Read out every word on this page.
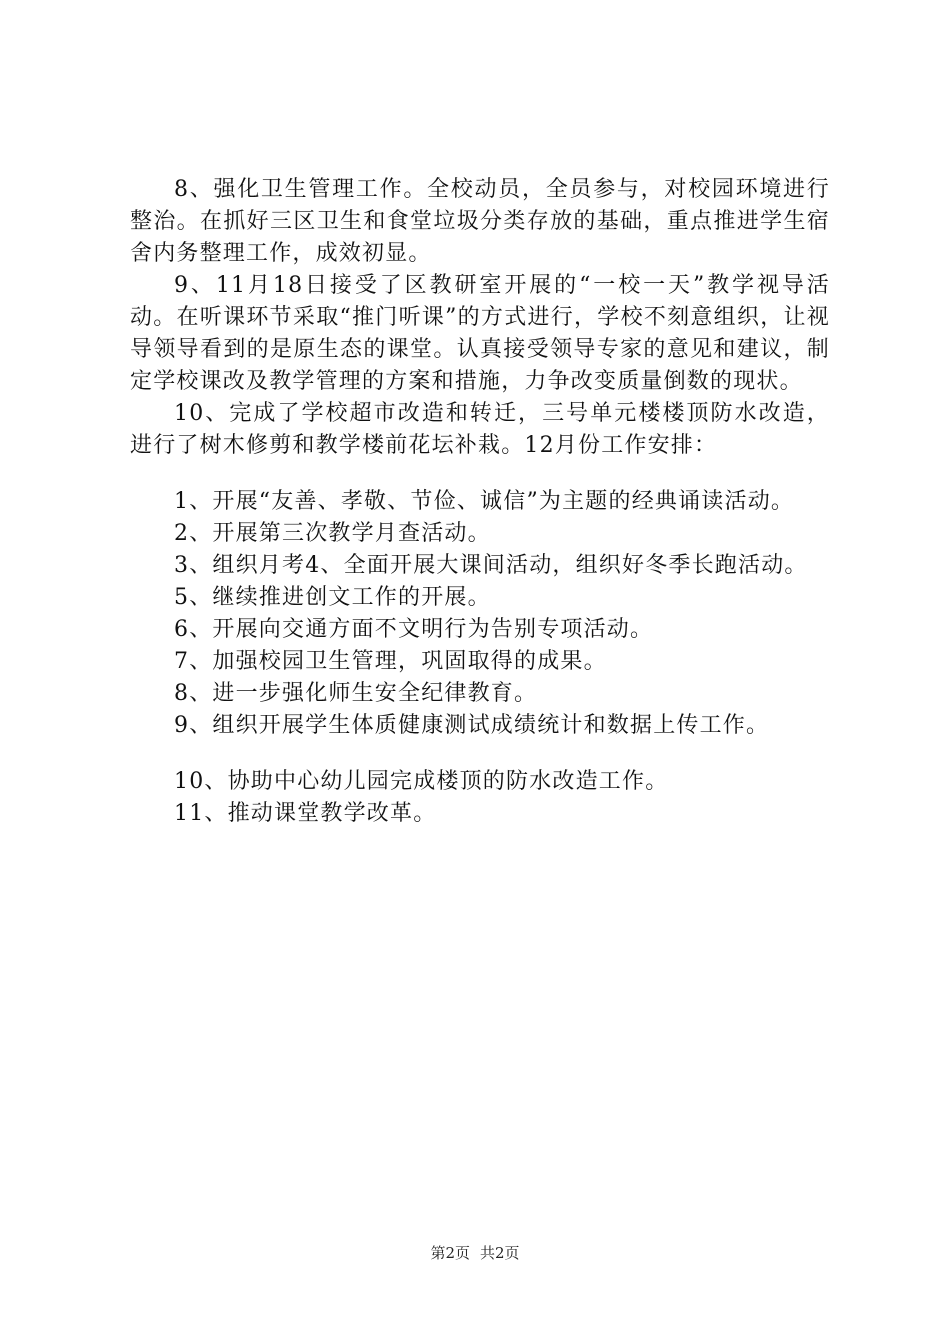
8、强化卫生管理工作。全校动员，全员参与，对校园环境进行整治。在抓好三区卫生和食堂垃圾分类存放的基础，重点推进学生宿舍内务整理工作，成效初显。

9、11月18日接受了区教研室开展的“一校一天”教学视导活动。在听课环节采取“推门听课”的方式进行，学校不刻意组织，让视导领导看到的是原生态的课堂。认真接受领导专家的意见和建议，制定学校课改及教学管理的方案和措施，力争改变质量倒数的现状。

10、完成了学校超市改造和转迁，三号单元楼楼顶防水改造，进行了树木修剪和教学楼前花坛补栽。12月份工作安排：

1、开展“友善、孝敬、节俭、诚信”为主题的经典诵读活动。

2、开展第三次教学月查活动。

3、组织月考4、全面开展大课间活动，组织好冬季长跑活动。

5、继续推进创文工作的开展。

6、开展向交通方面不文明行为告别专项活动。

7、加强校园卫生管理，巩固取得的成果。

8、进一步强化师生安全纪律教育。

9、组织开展学生体质健康测试成绩统计和数据上传工作。

10、协助中心幼儿园完成楼顶的防水改造工作。

11、推动课堂教学改革。

第2页 共2页
